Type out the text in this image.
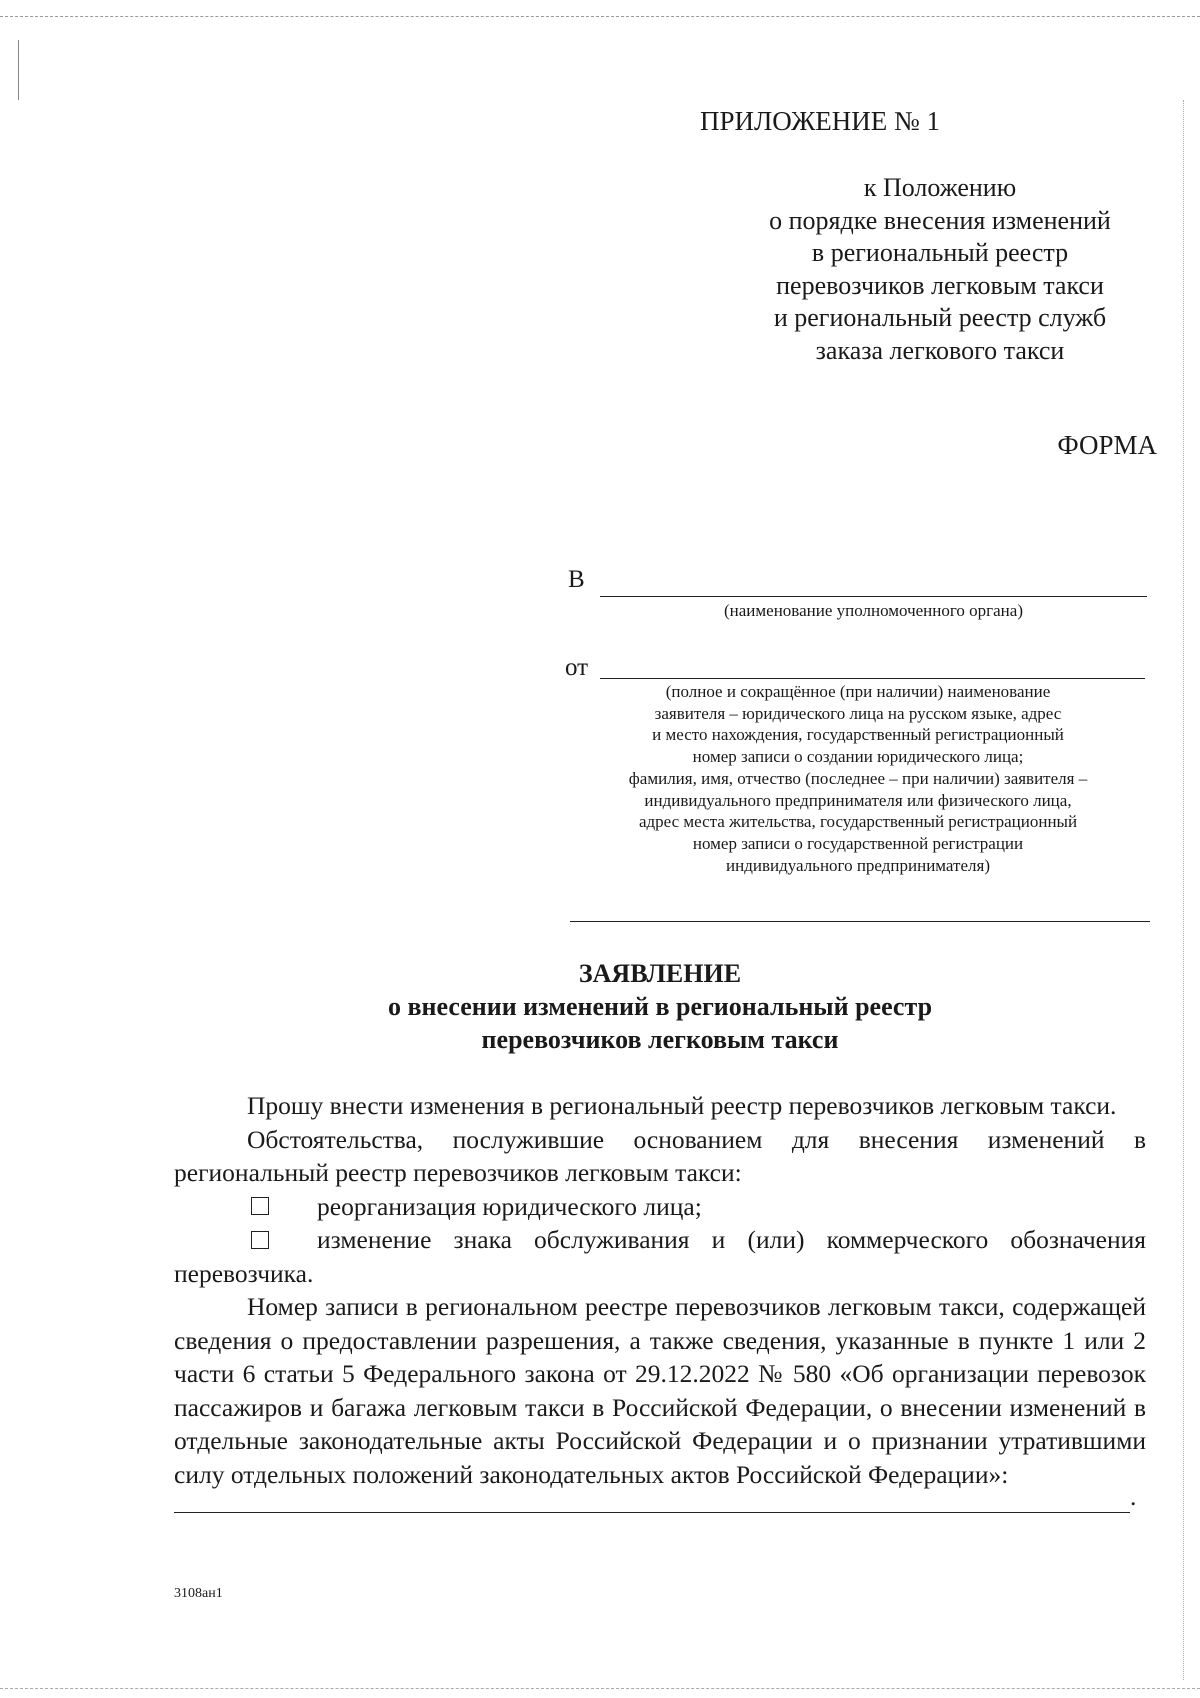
ПРИЛОЖЕНИЕ № 1
к Положению
о порядке внесения изменений
в региональный реестр
перевозчиков легковым такси
и региональный реестр служб
заказа легкового такси
ФОРМА
В
(наименование уполномоченного органа)
от
(полное и сокращённое (при наличии) наименование
заявителя – юридического лица на русском языке, адрес
и место нахождения, государственный регистрационный
номер записи о создании юридического лица;
фамилия, имя, отчество (последнее – при наличии) заявителя –
индивидуального предпринимателя или физического лица,
адрес места жительства, государственный регистрационный
номер записи о государственной регистрации
индивидуального предпринимателя)
ЗАЯВЛЕНИЕ
о внесении изменений в региональный реестр
перевозчиков легковым такси

Прошу внести изменения в региональный реестр перевозчиков легковым такси.

Обстоятельства, послужившие основанием для внесения изменений в региональный реестр перевозчиков легковым такси:

реорганизация юридического лица;

изменение знака обслуживания и (или) коммерческого обозначения перевозчика.

Номер записи в региональном реестре перевозчиков легковым такси, содержащей сведения о предоставлении разрешения, а также сведения, указанные в пункте 1 или 2 части 6 статьи 5 Федерального закона от 29.12.2022 № 580 «Об организации перевозок пассажиров и багажа легковым такси в Российской Федерации, о внесении изменений в отдельные законодательные акты Российской Федерации и о признании утратившими силу отдельных положений законодательных актов Российской Федерации»:

.
3108ан1
